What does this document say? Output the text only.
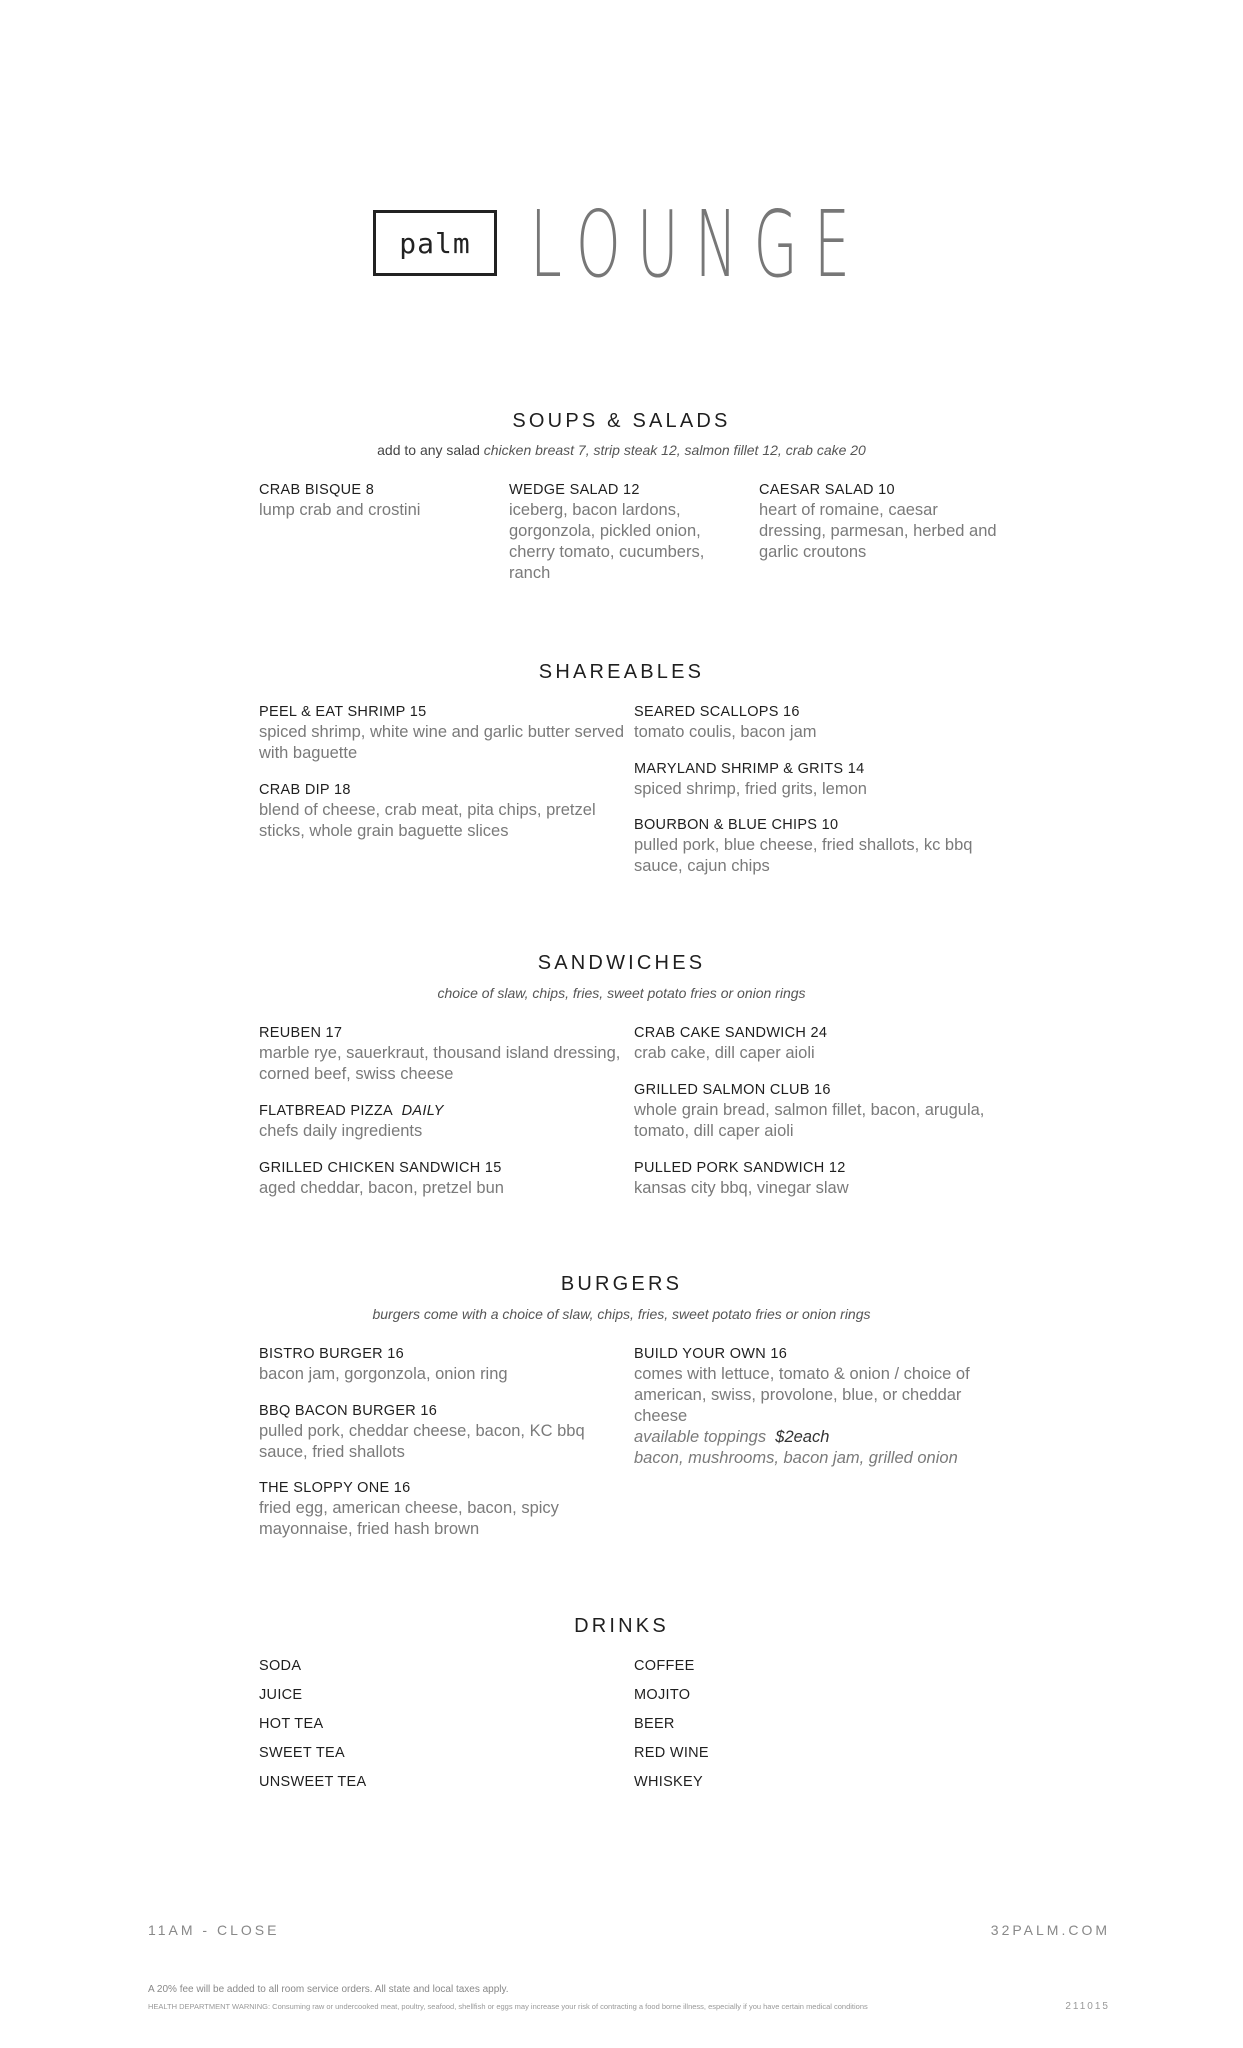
palm LOUNGE
SOUPS & SALADS
add to any salad chicken breast 7, strip steak 12, salmon fillet 12, crab cake 20
CRAB BISQUE 8
lump crab and crostini
WEDGE SALAD 12
iceberg, bacon lardons, gorgonzola, pickled onion, cherry tomato, cucumbers, ranch
CAESAR SALAD 10
heart of romaine, caesar dressing, parmesan, herbed and garlic croutons
SHAREABLES
PEEL & EAT SHRIMP 15
spiced shrimp, white wine and garlic butter served with baguette
CRAB DIP 18
blend of cheese, crab meat, pita chips, pretzel sticks, whole grain baguette slices
SEARED SCALLOPS 16
tomato coulis, bacon jam
MARYLAND SHRIMP & GRITS 14
spiced shrimp, fried grits, lemon
BOURBON & BLUE CHIPS 10
pulled pork, blue cheese, fried shallots, kc bbq sauce, cajun chips
SANDWICHES
choice of slaw, chips, fries, sweet potato fries or onion rings
REUBEN 17
marble rye, sauerkraut, thousand island dressing, corned beef, swiss cheese
FLATBREAD PIZZA DAILY
chefs daily ingredients
GRILLED CHICKEN SANDWICH 15
aged cheddar, bacon, pretzel bun
CRAB CAKE SANDWICH 24
crab cake, dill caper aioli
GRILLED SALMON CLUB 16
whole grain bread, salmon fillet, bacon, arugula, tomato, dill caper aioli
PULLED PORK SANDWICH 12
kansas city bbq, vinegar slaw
BURGERS
burgers come with a choice of slaw, chips, fries, sweet potato fries or onion rings
BISTRO BURGER 16
bacon jam, gorgonzola, onion ring
BBQ BACON BURGER 16
pulled pork, cheddar cheese, bacon, KC bbq sauce, fried shallots
THE SLOPPY ONE 16
fried egg, american cheese, bacon, spicy mayonnaise, fried hash brown
BUILD YOUR OWN 16
comes with lettuce, tomato & onion / choice of american, swiss, provolone, blue, or cheddar cheese
available toppings $2each
bacon, mushrooms, bacon jam, grilled onion
DRINKS
SODA
JUICE
HOT TEA
SWEET TEA
UNSWEET TEA
COFFEE
MOJITO
BEER
RED WINE
WHISKEY
11AM - CLOSE	32PALM.COM
A 20% fee will be added to all room service orders. All state and local taxes apply.
HEALTH DEPARTMENT WARNING: Consuming raw or undercooked meat, poultry, seafood, shellfish or eggs may increase your risk of contracting a food borne illness, especially if you have certain medical conditions	211015
